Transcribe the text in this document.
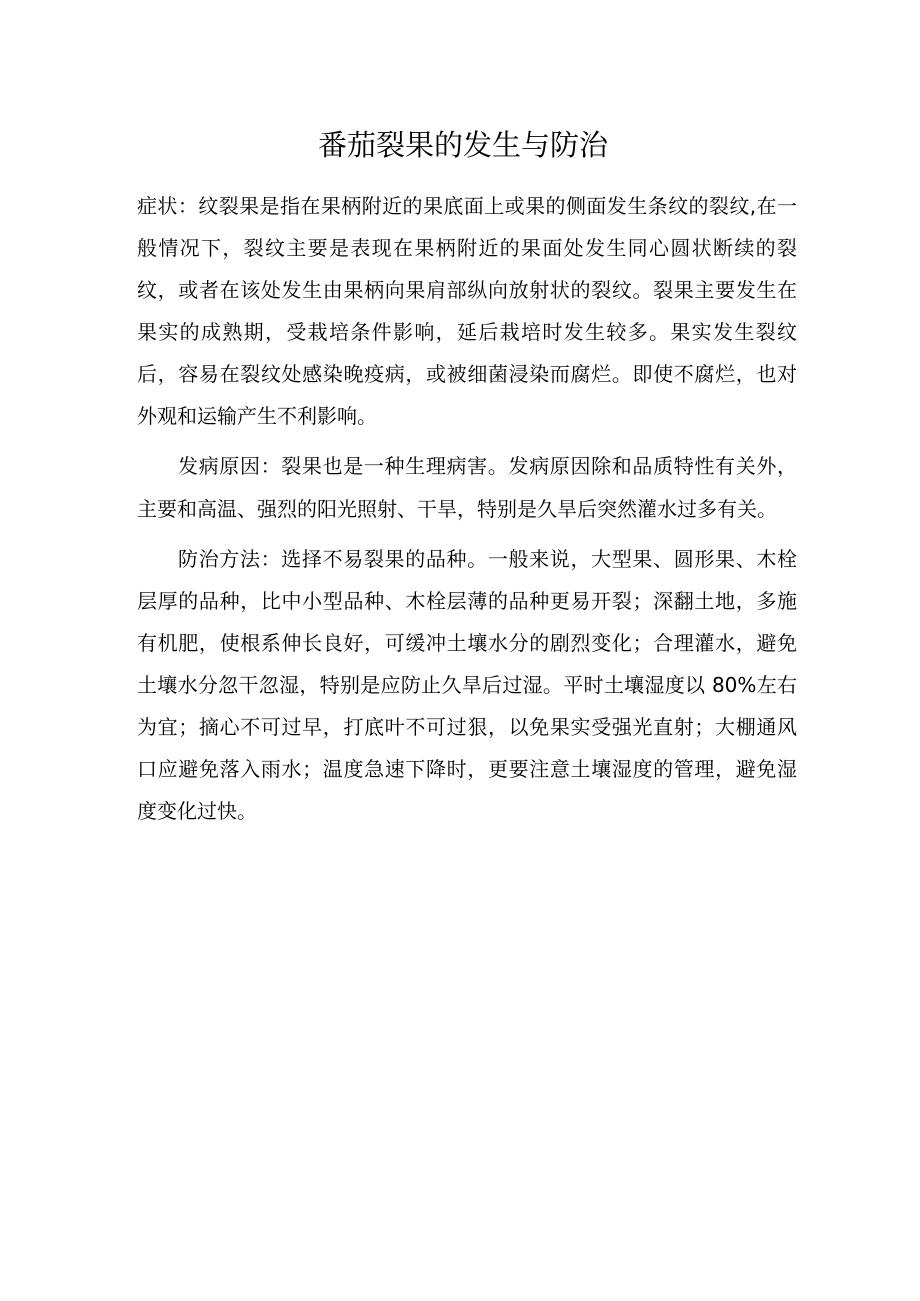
番茄裂果的发生与防治

症状：纹裂果是指在果柄附近的果底面上或果的侧面发生条纹的裂纹,在一

般情况下，裂纹主要是表现在果柄附近的果面处发生同心圆状断续的裂

纹，或者在该处发生由果柄向果肩部纵向放射状的裂纹。裂果主要发生在

果实的成熟期，受栽培条件影响，延后栽培时发生较多。果实发生裂纹

后，容易在裂纹处感染晚疫病，或被细菌浸染而腐烂。即使不腐烂，也对

外观和运输产生不利影响。

发病原因：裂果也是一种生理病害。发病原因除和品质特性有关外，

主要和高温、强烈的阳光照射、干旱，特别是久旱后突然灌水过多有关。

防治方法：选择不易裂果的品种。一般来说，大型果、圆形果、木栓

层厚的品种，比中小型品种、木栓层薄的品种更易开裂；深翻土地，多施

有机肥，使根系伸长良好，可缓冲土壤水分的剧烈变化；合理灌水，避免

土壤水分忽干忽湿，特别是应防止久旱后过湿。平时土壤湿度以 80%左右

为宜；摘心不可过早，打底叶不可过狠，以免果实受强光直射；大棚通风

口应避免落入雨水；温度急速下降时，更要注意土壤湿度的管理，避免湿

度变化过快。
